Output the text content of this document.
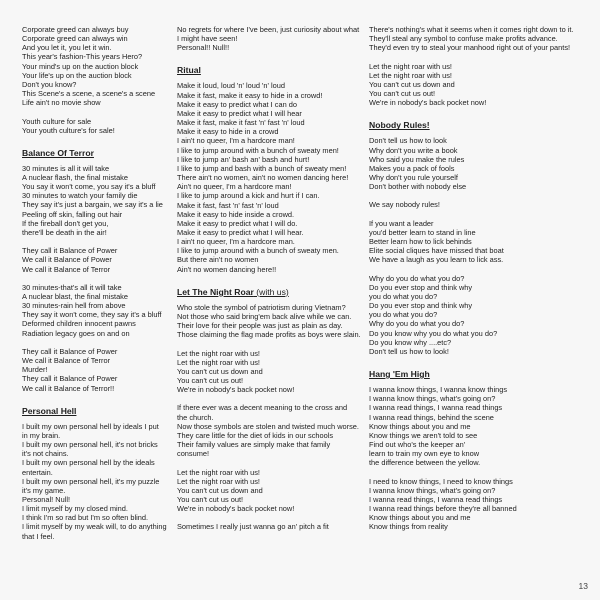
Corporate greed can always buy
Corporate greed can always win
And you let it, you let it win.
This year's fashion-This years Hero?
Your mind's up on the auction block
Your life's up on the auction block
Don't you know?
This Scene's a scene, a scene's a scene
Life ain't no movie show
Youth culture for sale
Your youth culture's for sale!
Balance Of Terror
30 minutes is all it will take
A nuclear flash, the final mistake
You say it won't come, you say it's a bluff
30 minutes to watch your family die
They say it's just a bargain, we say it's a lie
Peeling off skin, falling out hair
If the fireball don't get you,
there'll be death in the air!
They call it Balance of Power
We call it Balance of Power
We call it Balance of Terror
30 minutes-that's all it will take
A nuclear blast, the final mistake
30 minutes-rain hell from above
They say it won't come, they say it's a bluff
Deformed children innocent pawns
Radiation legacy goes on and on
They call it Balance of Power
We call it Balance of Terror
Murder!
They call it Balance of Power
We call it Balance of Terror!!
Personal Hell
I built my own personal hell by ideals I put
in my brain.
I built my own personal hell, it's not bricks
it's not chains.
I built my own personal hell by the ideals
entertain.
I built my own personal hell, it's my puzzle
it's my game.
Personal! Null!
I limit myself by my closed mind.
I think I'm so rad but I'm so often blind.
I limit myself by my weak will, to do anything
that I feel.
No regrets for where I've been, just curiosity about what
I might have seen!
Personal!! Null!!
Ritual
Make it loud, loud 'n' loud 'n' loud
Make it fast, make it easy to hide in a crowd!
Make it easy to predict what I can do
Make it easy to predict what I will hear
Make it fast, make it fast 'n' fast 'n' loud
Make it easy to hide in a crowd
I ain't no queer, I'm a hardcore man!
I like to jump around with a bunch of sweaty men!
I like to jump an' bash an' bash and hurt!
I like to jump and bash with a bunch of sweaty men!
There ain't no women, ain't no women dancing here!
Ain't no queer, I'm a hardcore man!
I like to jump around a kick and hurt if I can.
Make it fast, fast 'n' fast 'n' loud
Make it easy to hide inside a crowd.
Make it easy to predict what I will do.
Make it easy to predict what I will hear.
I ain't no queer, I'm a hardcore man.
I like to jump around with a bunch of sweaty men.
But there ain't no women
Ain't no women dancing here!!
Let The Night Roar (with us)
Who stole the symbol of patriotism during Vietnam?
Not those who said bring'em back alive while we can.
Their love for their people was just as plain as day.
Those claiming the flag made profits as boys were slain.
Let the night roar with us!
Let the night roar with us!
You can't cut us down and
You can't cut us out!
We're in nobody's back pocket now!
If there ever was a decent meaning to the cross and
the church.
Now those symbols are stolen and twisted much worse.
They care little for the diet of kids in our schools
Their family values are simply make that family
consume!
Let the night roar with us!
Let the night roar with us!
You can't cut us down and
You can't cut us out!
We're in nobody's back pocket now!
Sometimes I really just wanna go an' pitch a fit
There's nothing's what it seems when it comes right down to it.
They'll steal any symbol to confuse make profits advance.
They'd even try to steal your manhood right out of your pants!
Let the night roar with us!
Let the night roar with us!
You can't cut us down and
You can't cut us out!
We're in nobody's back pocket now!
Nobody Rules!
Don't tell us how to look
Why don't you write a book
Who said you make the rules
Makes you a pack of fools
Why don't you rule yourself
Don't bother with nobody else
We say nobody rules!
If you want a leader
you'd better learn to stand in line
Better learn how to lick behinds
Elite social cliques have missed that boat
We have a laugh as you learn to lick ass.
Why do you do what you do?
Do you ever stop and think why
you do what you do?
Do you ever stop and think why
you do what you do?
Why do you do what you do?
Do you know why you do what you do?
Do you know why ....etc?
Don't tell us how to look!
Hang 'Em High
I wanna know things, I wanna know things
I wanna know things, what's going on?
I wanna read things, I wanna read things
I wanna read things, behind the scene
Know things about you and me
Know things we aren't told to see
Find out who's the keeper an'
learn to train my own eye to know
the difference between the yellow.
I need to know things, I need to know things
I wanna know things, what's going on?
I wanna read things, I wanna read things
I wanna read things before they're all banned
Know things about you and me
Know things from reality
13
